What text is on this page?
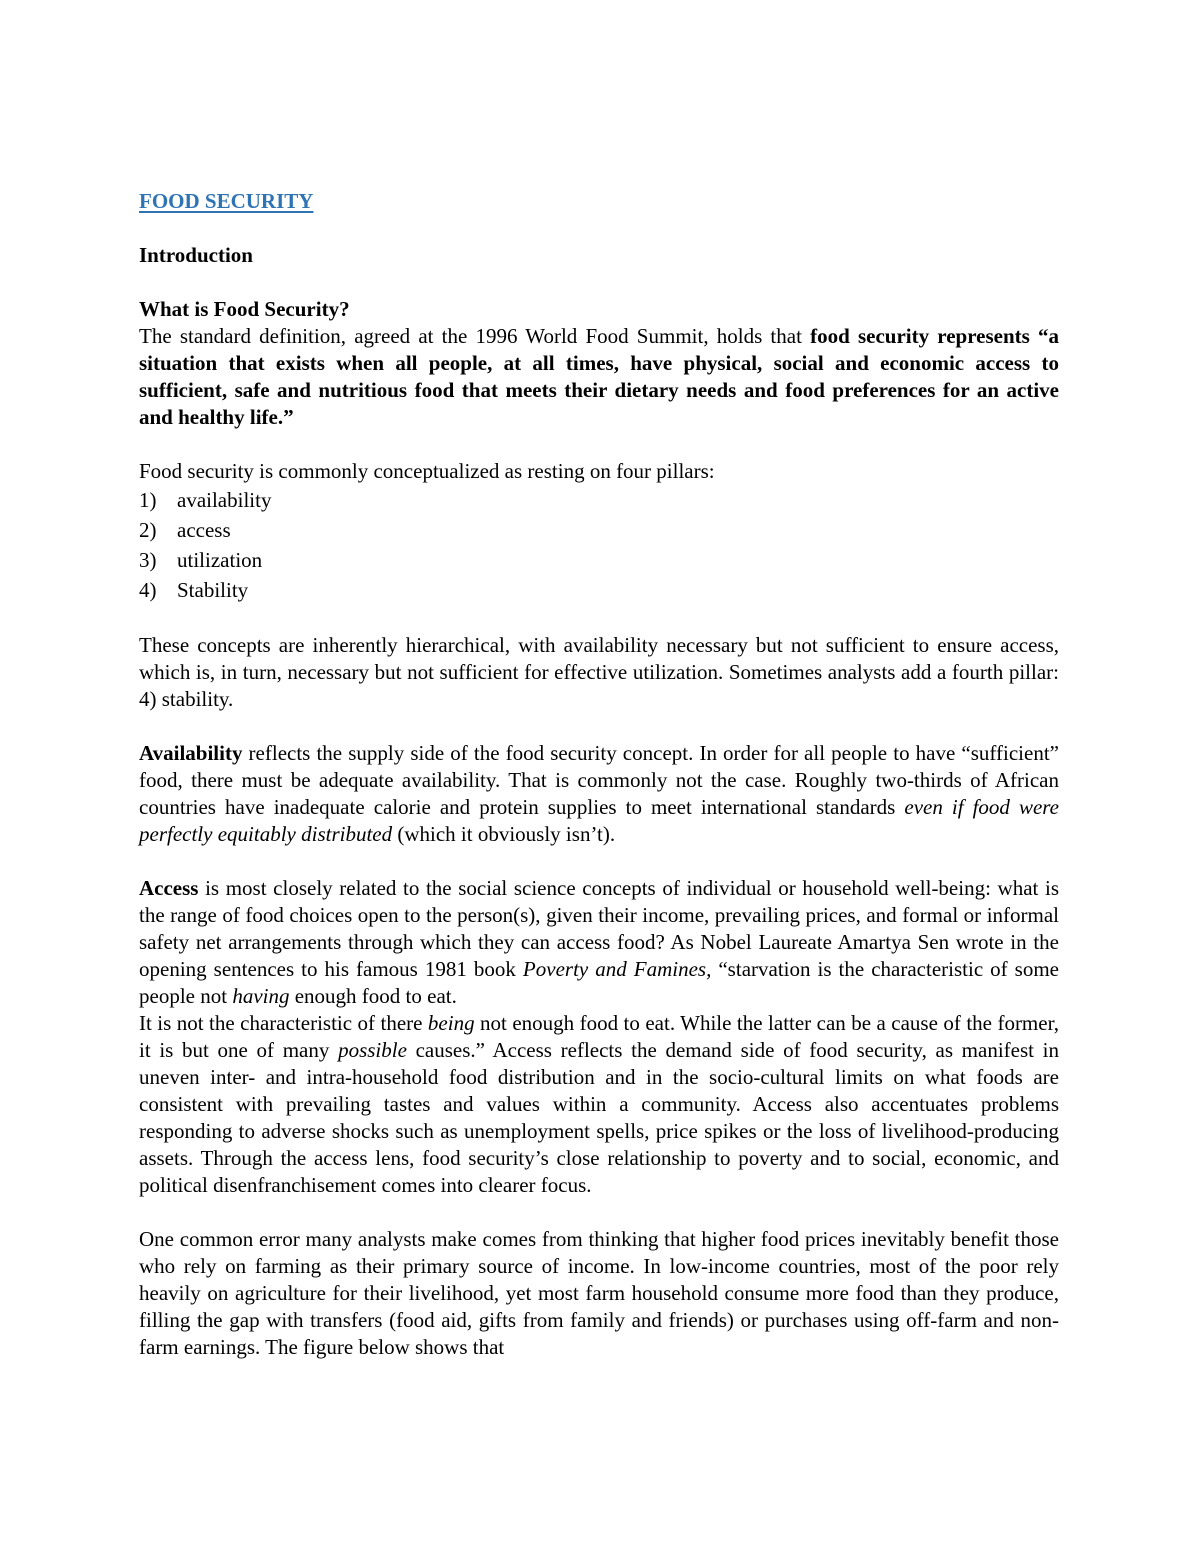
FOOD SECURITY
Introduction
What is Food Security?

The standard definition, agreed at the 1996 World Food Summit, holds that food security represents “a situation that exists when all people, at all times, have physical, social and economic access to sufficient, safe and nutritious food that meets their dietary needs and food preferences for an active and healthy life.”

Food security is commonly conceptualized as resting on four pillars:

1) availability
2) access
3) utilization
4) Stability

These concepts are inherently hierarchical, with availability necessary but not sufficient to ensure access, which is, in turn, necessary but not sufficient for effective utilization. Sometimes analysts add a fourth pillar: 4) stability.

Availability reflects the supply side of the food security concept. In order for all people to have “sufficient” food, there must be adequate availability. That is commonly not the case. Roughly two-thirds of African countries have inadequate calorie and protein supplies to meet international standards even if food were perfectly equitably distributed (which it obviously isn’t).

Access is most closely related to the social science concepts of individual or household well-being: what is the range of food choices open to the person(s), given their income, prevailing prices, and formal or informal safety net arrangements through which they can access food? As Nobel Laureate Amartya Sen wrote in the opening sentences to his famous 1981 book Poverty and Famines, “starvation is the characteristic of some people not having enough food to eat.

It is not the characteristic of there being not enough food to eat. While the latter can be a cause of the former, it is but one of many possible causes.” Access reflects the demand side of food security, as manifest in uneven inter- and intra-household food distribution and in the socio-cultural limits on what foods are consistent with prevailing tastes and values within a community. Access also accentuates problems responding to adverse shocks such as unemployment spells, price spikes or the loss of livelihood-producing assets. Through the access lens, food security’s close relationship to poverty and to social, economic, and political disenfranchisement comes into clearer focus.

One common error many analysts make comes from thinking that higher food prices inevitably benefit those who rely on farming as their primary source of income. In low-income countries, most of the poor rely heavily on agriculture for their livelihood, yet most farm household consume more food than they produce, filling the gap with transfers (food aid, gifts from family and friends) or purchases using off-farm and non-farm earnings. The figure below shows that
